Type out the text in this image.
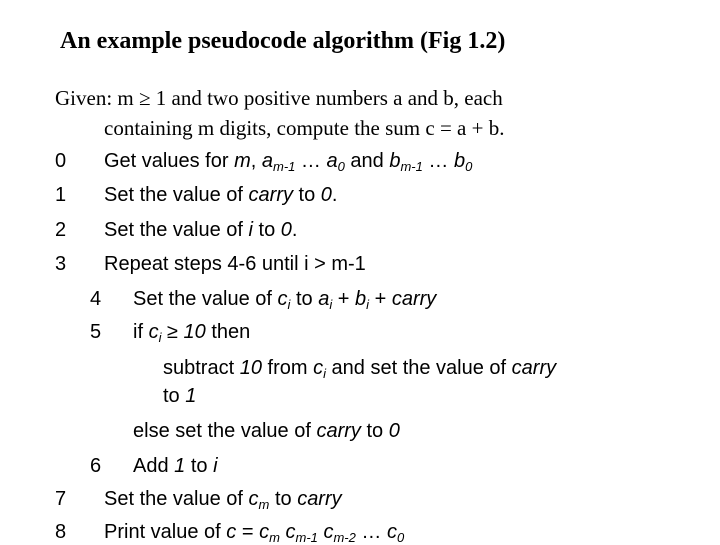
An example pseudocode algorithm (Fig 1.2)
Given: m ≥ 1 and two positive numbers a and b, each
containing m digits, compute the sum c = a + b.
0 Get values for m, $a_{m-1}$ … $a_0$ and $b_{m-1}$ … $b_0$
1 Set the value of carry to 0.
2 Set the value of i to 0.
3 Repeat steps 4-6 until i > m-1
4 Set the value of $c_i$ to $a_i + b_i$ + carry
5 if $c_i \ge 10$ then
subtract 10 from $c_i$ and set the value of carry
to 1
else set the value of carry to 0
6 Add 1 to i
7 Set the value of $c_m$ to carry
8 Print value of $c = c_m$ $c_{m-1}$ $c_{m-2}$ … $c_0$
